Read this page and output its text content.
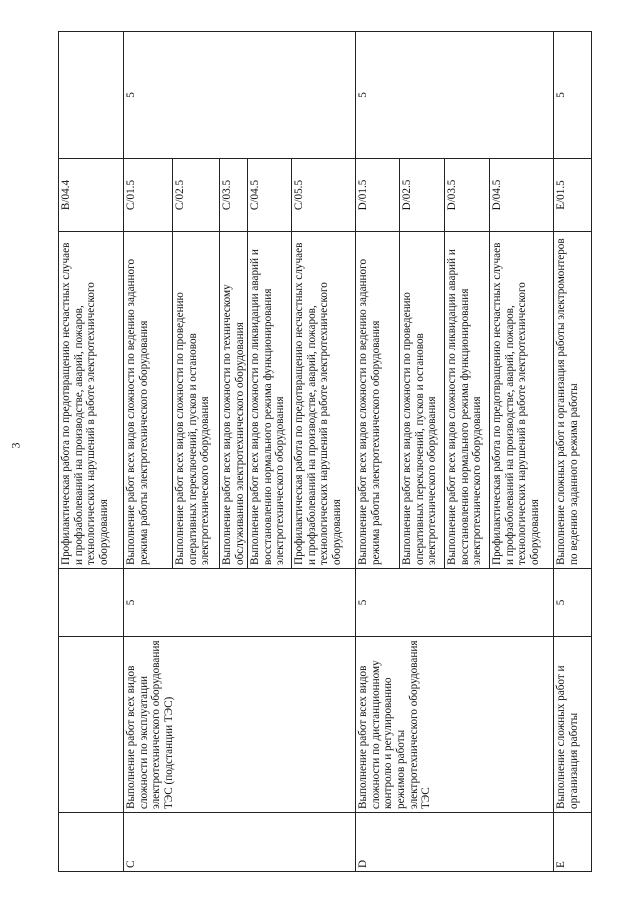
3
				Профилактическая работа по предотвращению несчастных случаев и профзаболеваний на производстве, аварий, пожаров, технологических нарушений в работе электротехнического оборудования	B/04.4	
C	Выполнение работ всех видов сложности по эксплуатации электротехнического оборудования ТЭС (подстанции ТЭС)	5	Выполнение работ всех видов сложности по ведению заданного режима работы электротехнического оборудования	C/01.5	5
			Выполнение работ всех видов сложности по проведению оперативных переключений, пусков и остановов электротехнического оборудования	C/02.5	
			Выполнение работ всех видов сложности по техническому обслуживанию электротехнического оборудования	C/03.5	
			Выполнение работ всех видов сложности по ликвидации аварий и восстановлению нормального режима функционирования электротехнического оборудования	C/04.5	
			Профилактическая работа по предотвращению несчастных случаев и профзаболеваний на производстве, аварий, пожаров, технологических нарушений в работе электротехнического оборудования	C/05.5	
D	Выполнение работ всех видов сложности по дистанционному контролю и регулированию режимов работы электротехнического оборудования ТЭС	5	Выполнение работ всех видов сложности по ведению заданного режима работы электротехнического оборудования	D/01.5	5
			Выполнение работ всех видов сложности по проведению оперативных переключений, пусков и остановов электротехнического оборудования	D/02.5	
			Выполнение работ всех видов сложности по ликвидации аварий и восстановлению нормального режима функционирования электротехнического оборудования	D/03.5	
			Профилактическая работа по предотвращению несчастных случаев и профзаболеваний на производстве, аварий, пожаров, технологических нарушений в работе электротехнического оборудования	D/04.5	
E	Выполнение сложных работ и организация работы	5	Выполнение сложных работ и организация работы электромонтеров по ведению заданного режима работы	E/01.5	5
